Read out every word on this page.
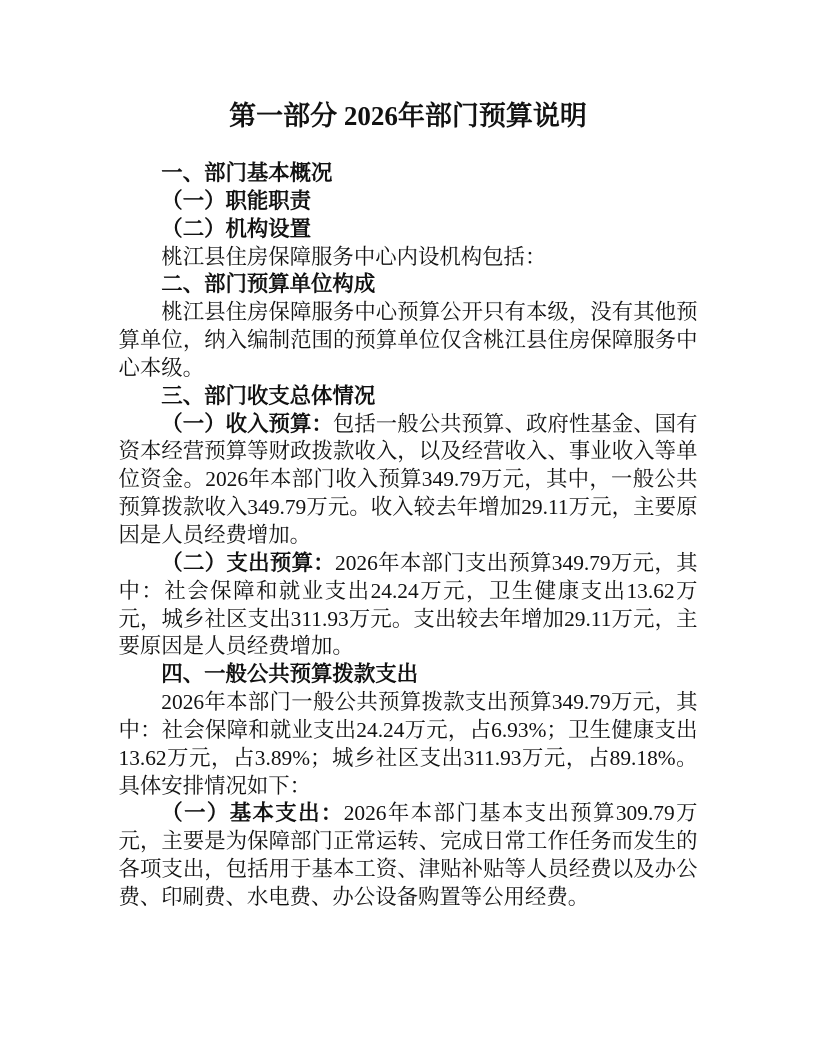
第一部分 2026年部门预算说明

一、部门基本概况

（一）职能职责

（二）机构设置

桃江县住房保障服务中心内设机构包括：

二、部门预算单位构成

桃江县住房保障服务中心预算公开只有本级，没有其他预算单位，纳入编制范围的预算单位仅含桃江县住房保障服务中心本级。

三、部门收支总体情况

（一）收入预算：包括一般公共预算、政府性基金、国有资本经营预算等财政拨款收入，以及经营收入、事业收入等单位资金。2026年本部门收入预算349.79万元，其中，一般公共预算拨款收入349.79万元。收入较去年增加29.11万元，主要原因是人员经费增加。

（二）支出预算：2026年本部门支出预算349.79万元，其中：社会保障和就业支出24.24万元，卫生健康支出13.62万元，城乡社区支出311.93万元。支出较去年增加29.11万元，主要原因是人员经费增加。

四、一般公共预算拨款支出

2026年本部门一般公共预算拨款支出预算349.79万元，其中：社会保障和就业支出24.24万元，占6.93%；卫生健康支出13.62万元，占3.89%；城乡社区支出311.93万元，占89.18%。具体安排情况如下：

（一）基本支出：2026年本部门基本支出预算309.79万元，主要是为保障部门正常运转、完成日常工作任务而发生的各项支出，包括用于基本工资、津贴补贴等人员经费以及办公费、印刷费、水电费、办公设备购置等公用经费。
